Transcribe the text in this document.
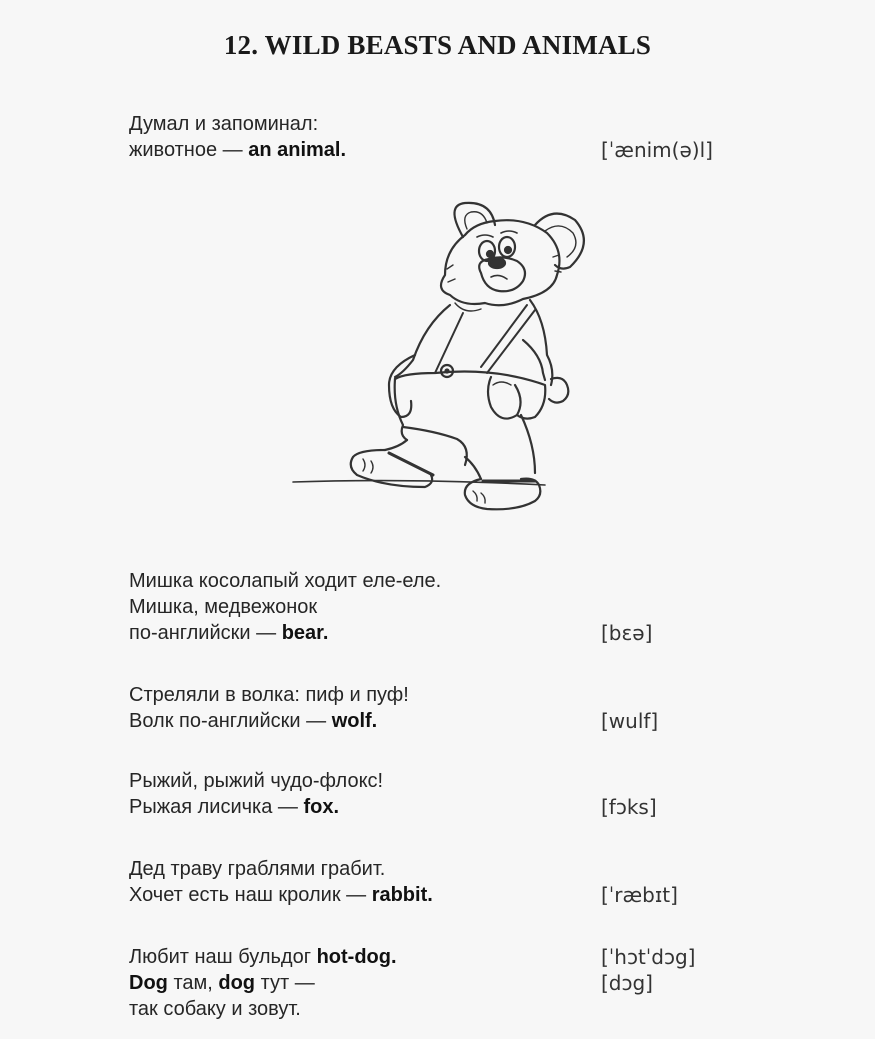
12. WILD BEASTS AND ANIMALS
Думал и запоминал:
животное — an animal.	[ˈænim(ə)l]
Мишка косолапый ходит еле-еле.
Мишка, медвежонок
по-английски — bear.	[bɛə]
Стреляли в волка: пиф и пуф!
Волк по-английски — wolf.	[wulf]
Рыжий, рыжий чудо-флокс!
Рыжая лисичка — fox.	[fɔks]
Дед траву граблями грабит.
Хочет есть наш кролик — rabbit.	[ˈræbɪt]
Любит наш бульдог hot-dog.	[ˈhɔtˈdɔg]
Dog там, dog тут —	[dɔg]
так собаку и зовут.
